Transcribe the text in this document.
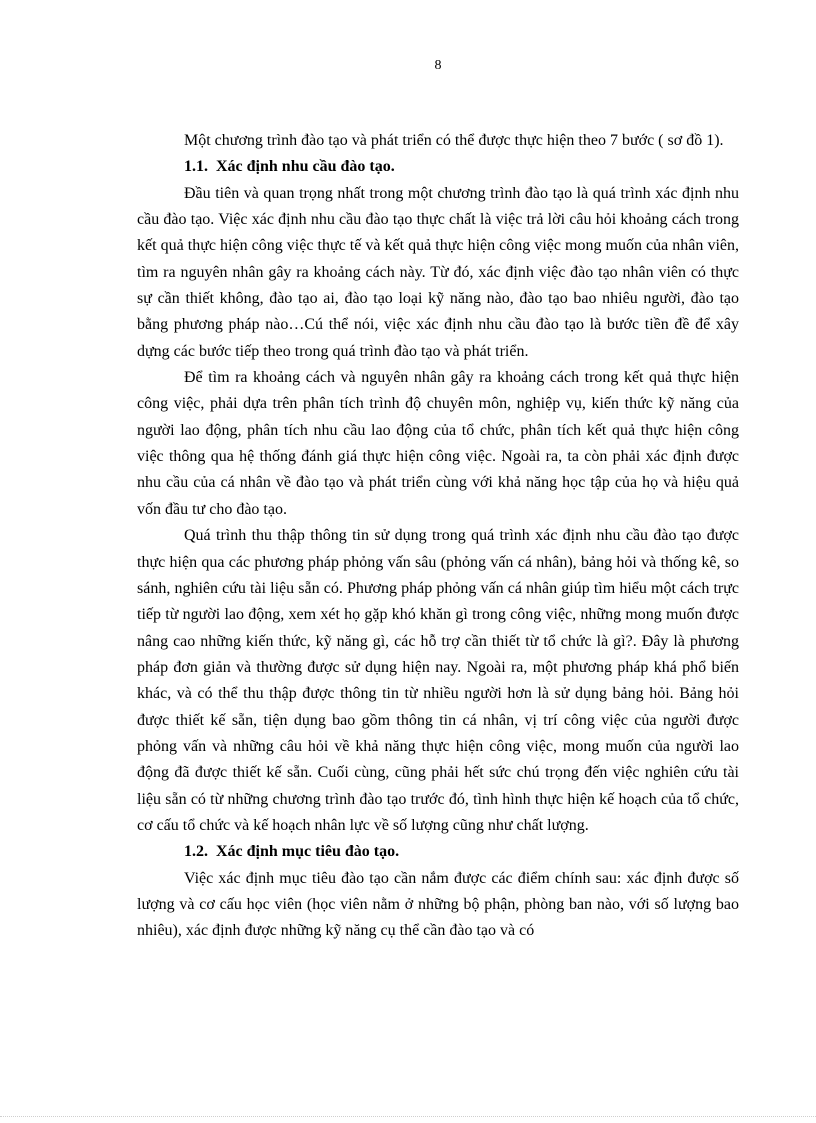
8

Một chương trình đào tạo và phát triển có thể được thực hiện theo 7 bước ( sơ đồ 1).

1.1. Xác định nhu cầu đào tạo.

Đầu tiên và quan trọng nhất trong một chương trình đào tạo là quá trình xác định nhu cầu đào tạo. Việc xác định nhu cầu đào tạo thực chất là việc trả lời câu hỏi khoảng cách trong kết quả thực hiện công việc thực tế và kết quả thực hiện công việc mong muốn của nhân viên, tìm ra nguyên nhân gây ra khoảng cách này. Từ đó, xác định việc đào tạo nhân viên có thực sự cần thiết không, đào tạo ai, đào tạo loại kỹ năng nào, đào tạo bao nhiêu người, đào tạo bằng phương pháp nào…Cú thể nói, việc xác định nhu cầu đào tạo là bước tiền đề để xây dựng các bước tiếp theo trong quá trình đào tạo và phát triển.

Để tìm ra khoảng cách và nguyên nhân gây ra khoảng cách trong kết quả thực hiện công việc, phải dựa trên phân tích trình độ chuyên môn, nghiệp vụ, kiến thức kỹ năng của người lao động, phân tích nhu cầu lao động của tổ chức, phân tích kết quả thực hiện công việc thông qua hệ thống đánh giá thực hiện công việc. Ngoài ra, ta còn phải xác định được nhu cầu của cá nhân về đào tạo và phát triển cùng với khả năng học tập của họ và hiệu quả vốn đầu tư cho đào tạo.

Quá trình thu thập thông tin sử dụng trong quá trình xác định nhu cầu đào tạo được thực hiện qua các phương pháp phỏng vấn sâu (phỏng vấn cá nhân), bảng hỏi và thống kê, so sánh, nghiên cứu tài liệu sẵn có. Phương pháp phỏng vấn cá nhân giúp tìm hiểu một cách trực tiếp từ người lao động, xem xét họ gặp khó khăn gì trong công việc, những mong muốn được nâng cao những kiến thức, kỹ năng gì, các hỗ trợ cần thiết từ tổ chức là gì?. Đây là phương pháp đơn giản và thường được sử dụng hiện nay. Ngoài ra, một phương pháp khá phổ biến khác, và có thể thu thập được thông tin từ nhiều người hơn là sử dụng bảng hỏi. Bảng hỏi được thiết kế sẵn, tiện dụng bao gồm thông tin cá nhân, vị trí công việc của người được phỏng vấn và những câu hỏi về khả năng thực hiện công việc, mong muốn của người lao động đã được thiết kế sẵn. Cuối cùng, cũng phải hết sức chú trọng đến việc nghiên cứu tài liệu sẵn có từ những chương trình đào tạo trước đó, tình hình thực hiện kế hoạch của tổ chức, cơ cấu tổ chức và kế hoạch nhân lực về số lượng cũng như chất lượng.

1.2. Xác định mục tiêu đào tạo.

Việc xác định mục tiêu đào tạo cần nắm được các điểm chính sau: xác định được số lượng và cơ cấu học viên (học viên nằm ở những bộ phận, phòng ban nào, với số lượng bao nhiêu), xác định được những kỹ năng cụ thể cần đào tạo và có
